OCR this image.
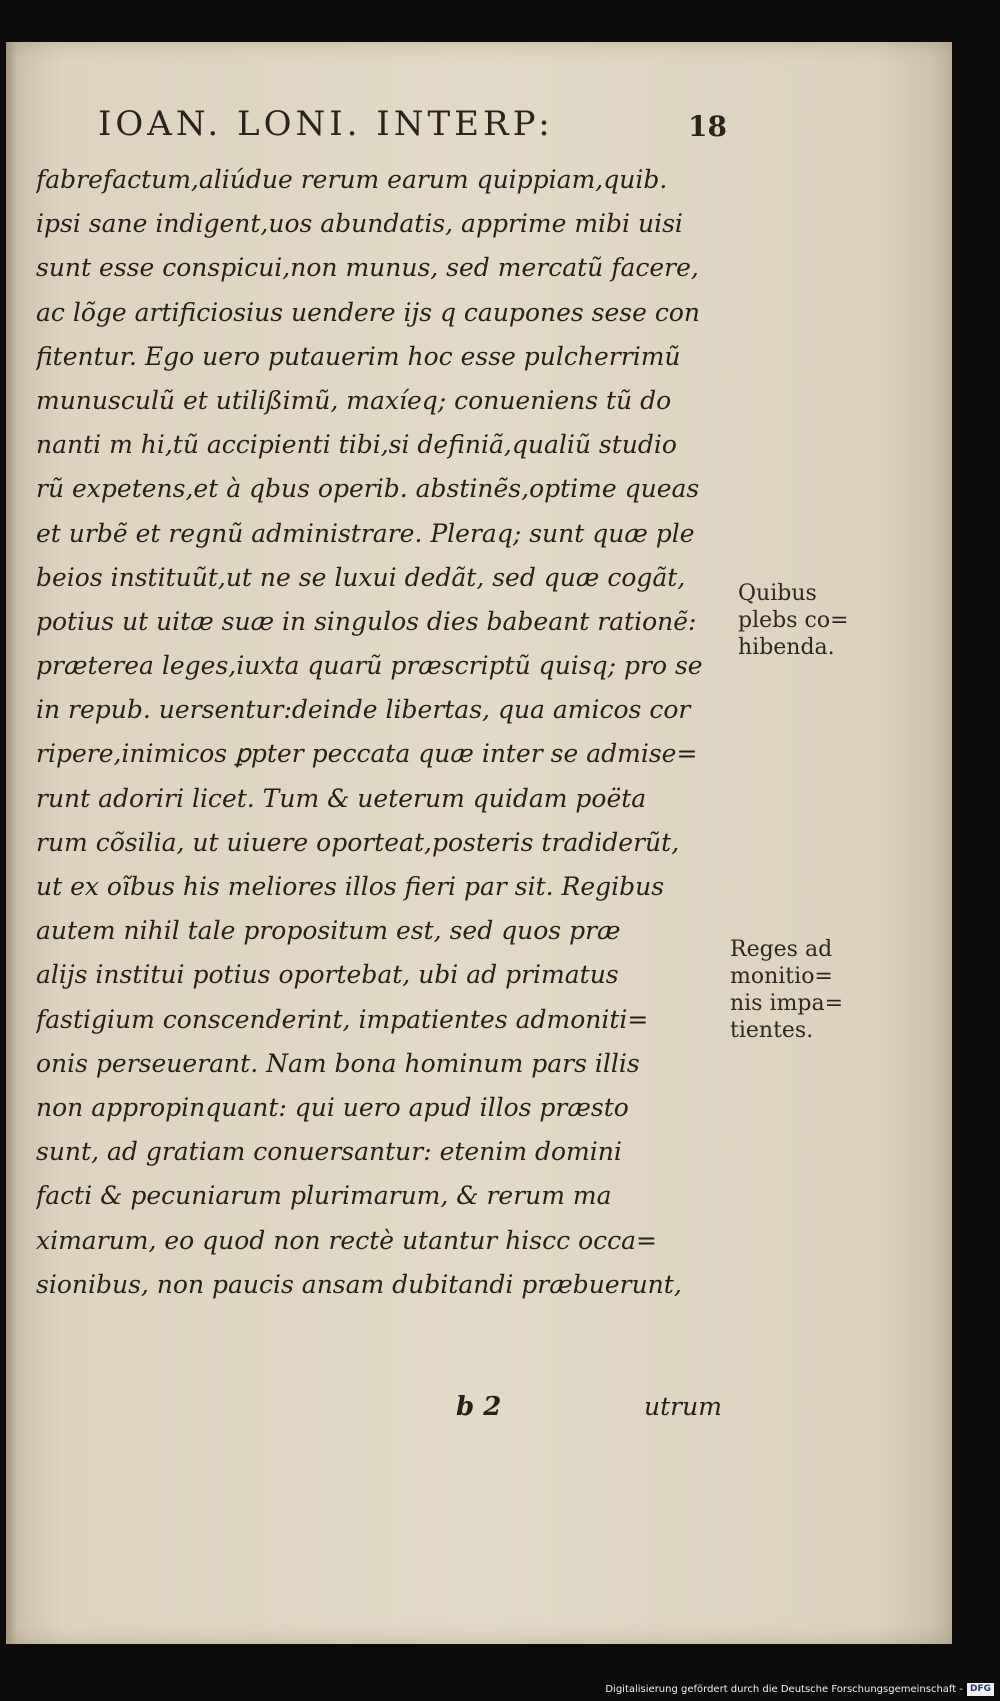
IOAN. LONI. INTERP:	18
fabrefactum,aliúdue rerum earum quippiam,quib.
ipsi sane indigent,uos abundatis, apprime mibi uisi
sunt esse conspicui,non munus, sed mercatũ facere,
ac lõge artificiosius uendere ijs q caupones sese con
fitentur. Ego uero putauerim hoc esse pulcherrimũ
munusculũ et utilißimũ, maxíeq; conueniens tũ do
nanti m hi,tũ accipienti tibi,si definiã,qualiũ studio
rũ expetens,et à qbus operib. abstinẽs,optime queas
et urbẽ et regnũ administrare. Pleraq; sunt quæ ple
beios instituũt,ut ne se luxui dedãt, sed quæ cogãt,
potius ut uitæ suæ in singulos dies babeant rationẽ:
præterea leges,iuxta quarũ præscriptũ quisq; pro se
in repub. uersentur:deinde libertas, qua amicos cor
ripere,inimicos ꝑpter peccata quæ inter se admise=
runt adoriri licet. Tum & ueterum quidam poëta
rum cõsilia, ut uiuere oporteat,posteris tradiderũt,
ut ex oĩbus his meliores illos fieri par sit. Regibus
autem nihil tale propositum est, sed quos præ
alijs institui potius oportebat, ubi ad primatus
fastigium conscenderint, impatientes admoniti=
onis perseuerant. Nam bona hominum pars illis
non appropinquant: qui uero apud illos præsto
sunt, ad gratiam conuersantur: etenim domini
facti & pecuniarum plurimarum, & rerum ma
ximarum, eo quod non rectè utantur hiscc occa=
sionibus, non paucis ansam dubitandi præbuerunt,
Quibus
plebs co=
hibenda.
Reges ad
monitio=
nis impa=
tientes.
b 2	utrum
Digitalisierung gefördert durch die Deutsche Forschungsgemeinschaft - DFG
